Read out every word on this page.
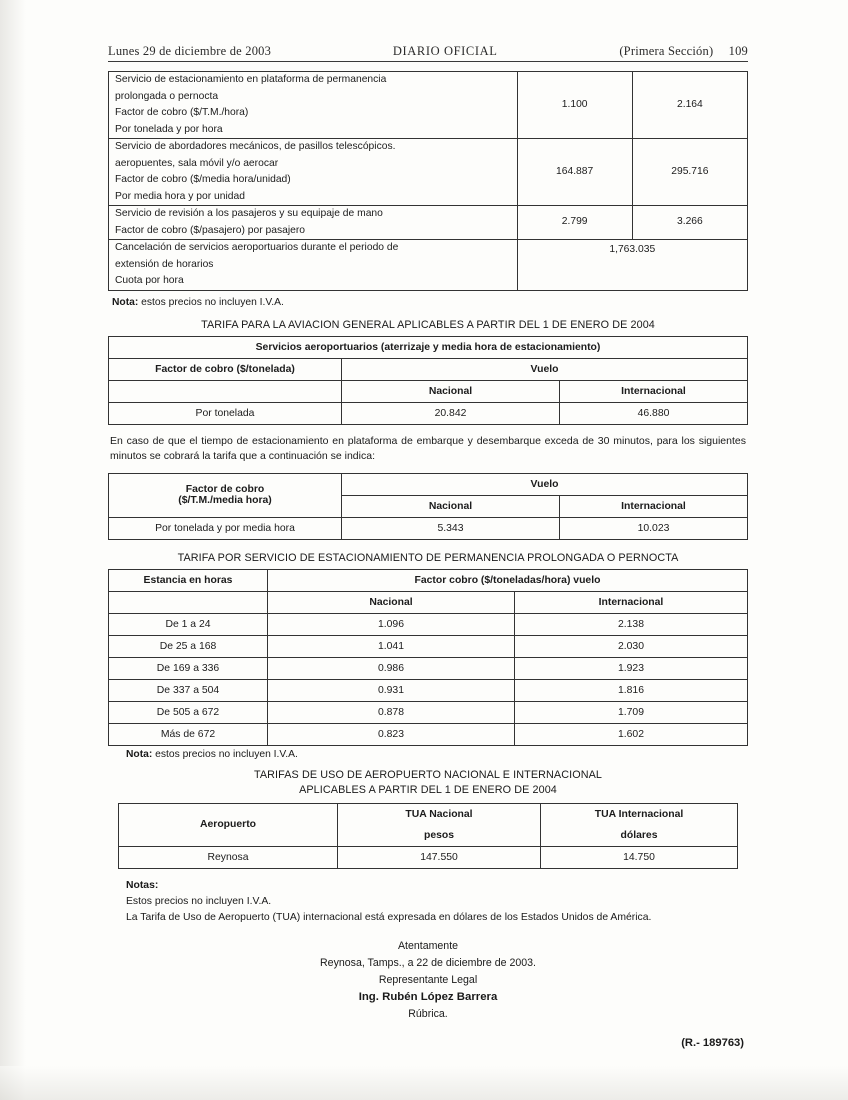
Lunes 29 de diciembre de 2003	DIARIO OFICIAL	(Primera Sección) 109
Servicio de estacionamiento en plataforma de permanencia
prolongada o pernocta
Factor de cobro ($/T.M./hora)
Por tonelada y por hora	1.100	2.164

Servicio de abordadores mecánicos, de pasillos telescópicos.
aeropuentes, sala móvil y/o aerocar
Factor de cobro ($/media hora/unidad)
Por media hora y por unidad	164.887	295.716

Servicio de revisión a los pasajeros y su equipaje de mano
Factor de cobro ($/pasajero) por pasajero	2.799	3.266

Cancelación de servicios aeroportuarios durante el periodo de
extensión de horarios
Cuota por hora	1,763.035	
Nota: estos precios no incluyen I.V.A.
TARIFA PARA LA AVIACION GENERAL APLICABLES A PARTIR DEL 1 DE ENERO DE 2004
Servicios aeroportuarios (aterrizaje y media hora de estacionamiento)		
Factor de cobro ($/tonelada)	Vuelo	
	Nacional	Internacional
Por tonelada	20.842	46.880
En caso de que el tiempo de estacionamiento en plataforma de embarque y desembarque exceda de 30 minutos, para los siguientes minutos se cobrará la tarifa que a continuación se indica:
Factor de cobro
($/T.M./media hora)	Vuelo	
	Nacional	Internacional
Por tonelada y por media hora	5.343	10.023
TARIFA POR SERVICIO DE ESTACIONAMIENTO DE PERMANENCIA PROLONGADA O PERNOCTA
Estancia en horas	Factor cobro ($/toneladas/hora) vuelo	
	Nacional	Internacional
De 1 a 24	1.096	2.138
De 25 a 168	1.041	2.030
De 169 a 336	0.986	1.923
De 337 a 504	0.931	1.816
De 505 a 672	0.878	1.709
Más de 672	0.823	1.602
Nota: estos precios no incluyen I.V.A.
TARIFAS DE USO DE AEROPUERTO NACIONAL E INTERNACIONAL
APLICABLES A PARTIR DEL 1 DE ENERO DE 2004
Aeropuerto	TUA Nacional	TUA Internacional
	pesos	dólares
Reynosa	147.550	14.750
Notas:
Estos precios no incluyen I.V.A.
La Tarifa de Uso de Aeropuerto (TUA) internacional está expresada en dólares de los Estados Unidos de América.
Atentamente
Reynosa, Tamps., a 22 de diciembre de 2003.
Representante Legal
Ing. Rubén López Barrera
Rúbrica.
(R.- 189763)
